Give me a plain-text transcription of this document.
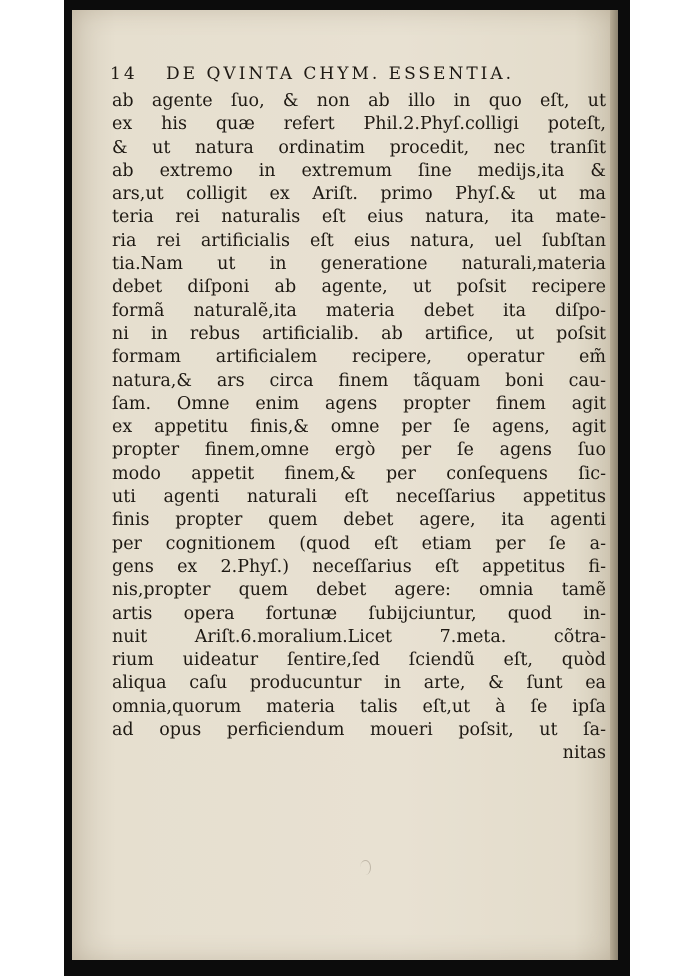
14 DE QVINTA CHYM. ESSENTIA.
ab agente ſuo, & non ab illo in quo eſt, ut
ex his quæ refert Phil.2.Phyſ.colligi poteſt,
& ut natura ordinatim procedit, nec tranſit
ab extremo in extremum ſine medijs,ita &
ars,ut colligit ex Ariſt. primo Phyſ.& ut ma
teria rei naturalis eſt eius natura, ita mate-
ria rei artificialis eſt eius natura, uel ſubſtan
tia.Nam ut in generatione naturali,materia
debet diſponi ab agente, ut poſsit recipere
formã naturalẽ,ita materia debet ita diſpo-
ni in rebus artificialib. ab artifice, ut poſsit
formam artificialem recipere, operatur em̃
natura,& ars circa finem tãquam boni cau-
ſam. Omne enim agens propter finem agit
ex appetitu finis,& omne per ſe agens, agit
propter finem,omne ergò per ſe agens ſuo
modo appetit finem,& per conſequens ſic-
uti agenti naturali eſt neceſſarius appetitus
finis propter quem debet agere, ita agenti
per cognitionem (quod eſt etiam per ſe a-
gens ex 2.Phyſ.) neceſſarius eſt appetitus fi-
nis,propter quem debet agere: omnia tamẽ
artis opera fortunæ ſubijciuntur, quod in-
nuit Ariſt.6.moralium.Licet 7.meta. cõtra-
rium uideatur ſentire,ſed ſciendũ eſt, quòd
aliqua caſu producuntur in arte, & ſunt ea
omnia,quorum materia talis eſt,ut à ſe ipſa
ad opus perficiendum moueri poſsit, ut ſa-
nitas
